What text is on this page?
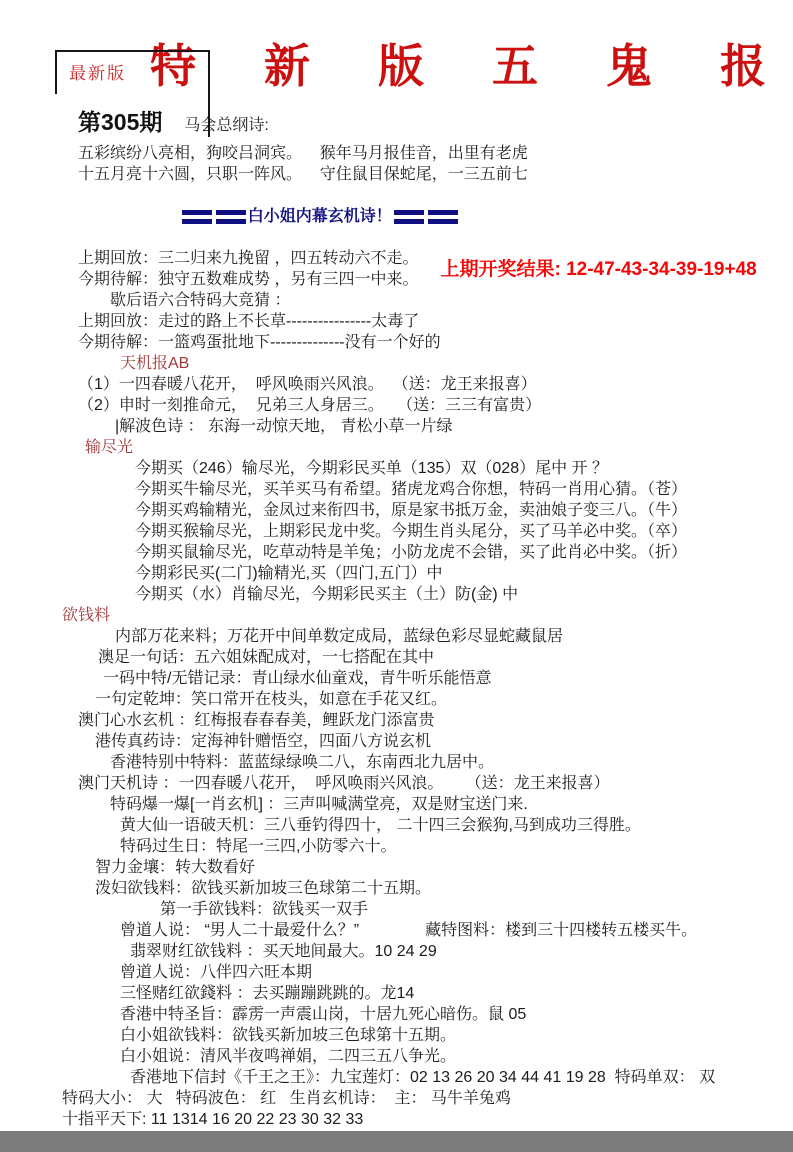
最新版 特 新 版 五 鬼 报
第305期 马会总纲诗:
五彩缤纷八亮相，狗咬吕洞宾。    猴年马月报佳音，出里有老虎
十五月亮十六圆，只职一阵风。    守住鼠目保蛇尾，一三五前七

白小姐内幕玄机诗！

上期回放：三二归来九挽留 ，四五转动六不走。
今期待解：独守五数难成势 ，另有三四一中来。 上期开奖结果: 12-47-43-34-39-19+48
歇后语六合特码大竞猜 ：
上期回放：走过的路上不长草----------------太毒了
今期待解：一篮鸡蛋批地下--------------没有一个好的
天机报AB
（1）一四春暖八花开，  呼风唤雨兴风浪。  （送：龙王来报喜）
（2）申时一刻推命元，  兄弟三人身居三。   （送：三三有富贵）
|解波色诗 ： 东海一动惊天地， 青松小草一片绿
输尽光
今期买（246）输尽光，今期彩民买单（135）双（028）尾中 开 ？
今期买牛输尽光，买羊买马有希望。猪虎龙鸡合你想，特码一肖用心猜。（苍）
今期买鸡输精光，金凤过来衔四书，原是家书抵万金，卖油娘子变三八。（牛）
今期买猴输尽光，上期彩民龙中奖。今期生肖头尾分，买了马羊必中奖。（卒）
今期买鼠输尽光，吃草动特是羊兔；小防龙虎不会错，买了此肖必中奖。（折）
今期彩民买(二门)输精光,买（四门,五门）中
今期买（水）肖输尽光，今期彩民买主（土）防(金) 中
欲钱料
内部万花来料；万花开中间单数定成局，蓝绿色彩尽显蛇藏鼠居
澳足一句话：五六姐妹配成对，一七搭配在其中
一码中特/无错记录：青山绿水仙童戏，青牛听乐能悟意
一句定乾坤：笑口常开在枝头，如意在手花又红。
澳门心水玄机 ：红梅报春春春美，鲤跃龙门添富贵
港传真药诗：定海神针赠悟空，四面八方说玄机
香港特别中特料：蓝蓝绿绿唤二八，东南西北九居中。
澳门天机诗 ：一四春暖八花开，  呼风唤雨兴风浪。     （送：龙王来报喜）
特码爆一爆[一肖玄机] ：三声叫喊满堂亮，双是财宝送门来.
黄大仙一语破天机：三八垂钓得四十， 二十四三会猴狗,马到成功三得胜。
特码过生日：特尾一三四,小防零六十。
智力金壤：转大数看好
泼妇欲钱料：欲钱买新加坡三色球第二十五期。
第一手欲钱料：欲钱买一双手
曾道人说： “男人二十最爱什么？”	藏特图料：楼到三十四楼转五楼买牛。
翡翠财红欲钱料 ：买天地间最大。10 24 29
曾道人说：八伴四六旺本期
三怪赌红欲錢料 ：去买蹦蹦跳跳的。龙14
香港中特圣旨：霹雳一声震山岗，十居九死心暗伤。鼠 05
白小姐欲钱料：欲钱买新加坡三色球第十五期。
白小姐说：清风半夜鸣禅娟，二四三五八争光。
香港地下信封《千王之王》：九宝莲灯：02 13 26 20 34 44 41 19 28  特码单双： 双
特码大小： 大   特码波色： 红   生肖玄机诗：  主： 马牛羊兔鸡
十指平天下: 11 1314 16 20 22 23 30 32 33
